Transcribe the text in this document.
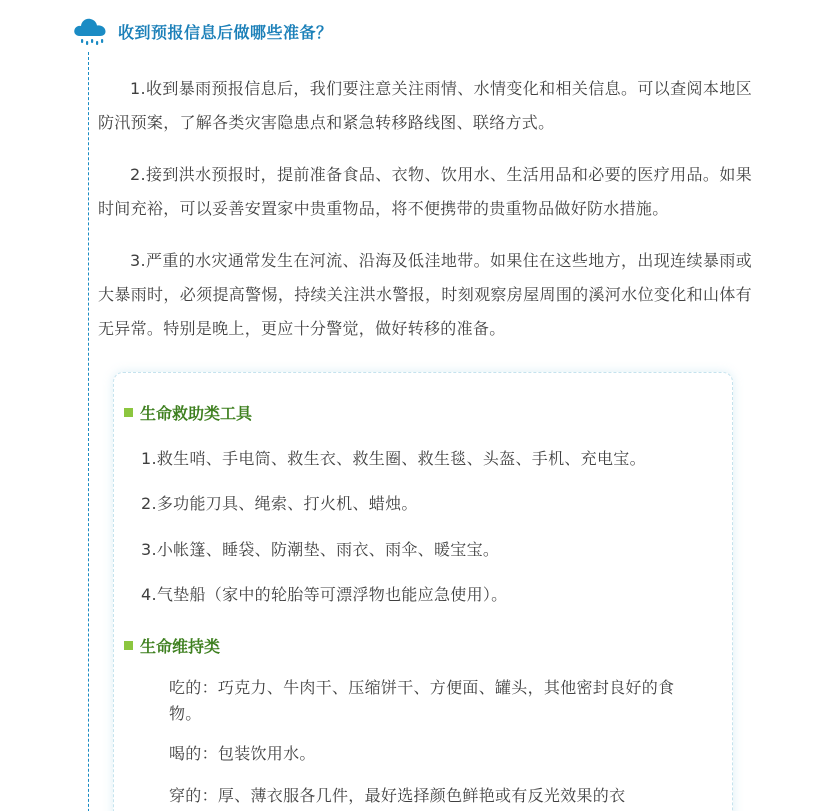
收到预报信息后做哪些准备？

1.收到暴雨预报信息后，我们要注意关注雨情、水情变化和相关信息。可以查阅本地区防汛预案，了解各类灾害隐患点和紧急转移路线图、联络方式。

2.接到洪水预报时，提前准备食品、衣物、饮用水、生活用品和必要的医疗用品。如果时间充裕，可以妥善安置家中贵重物品，将不便携带的贵重物品做好防水措施。

3.严重的水灾通常发生在河流、沿海及低洼地带。如果住在这些地方，出现连续暴雨或大暴雨时，必须提高警惕，持续关注洪水警报，时刻观察房屋周围的溪河水位变化和山体有无异常。特别是晚上，更应十分警觉，做好转移的准备。

生命救助类工具
1.救生哨、手电筒、救生衣、救生圈、救生毯、头盔、手机、充电宝。
2.多功能刀具、绳索、打火机、蜡烛。
3.小帐篷、睡袋、防潮垫、雨衣、雨伞、暖宝宝。
4.气垫船（家中的轮胎等可漂浮物也能应急使用）。
生命维持类
吃的：巧克力、牛肉干、压缩饼干、方便面、罐头，其他密封良好的食物。
喝的：包装饮用水。
穿的：厚、薄衣服各几件，最好选择颜色鲜艳或有反光效果的衣
